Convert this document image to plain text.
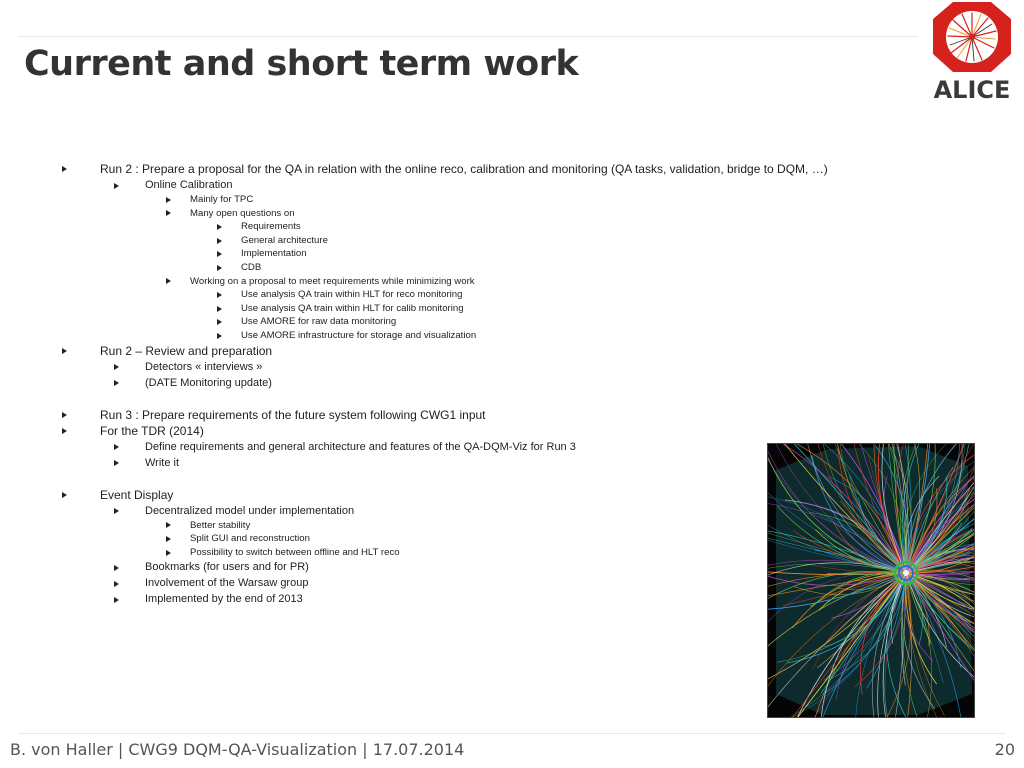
Current and short term work
ALICE
Run 2 : Prepare a proposal for the QA in relation with the online reco, calibration and monitoring (QA tasks, validation, bridge to DQM, …)
Online Calibration
Mainly for TPC
Many open questions on
Requirements
General architecture
Implementation
CDB
Working on a proposal to meet requirements while minimizing work
Use analysis QA train within HLT for reco monitoring
Use analysis QA train within HLT for calib monitoring
Use AMORE for raw data monitoring
Use AMORE infrastructure for storage and visualization
Run 2 – Review and preparation
Detectors « interviews »
(DATE Monitoring update)
Run 3 : Prepare requirements of the future system following CWG1 input
For the TDR (2014)
Define requirements and general architecture and features of the QA-DQM-Viz for Run 3
Write it
Event Display
Decentralized model under implementation
Better stability
Split GUI and reconstruction
Possibility to switch between offline and HLT reco
Bookmarks (for users and for PR)
Involvement of the Warsaw group
Implemented by the end of 2013
B. von Haller | CWG9 DQM-QA-Visualization | 17.07.2014	20
